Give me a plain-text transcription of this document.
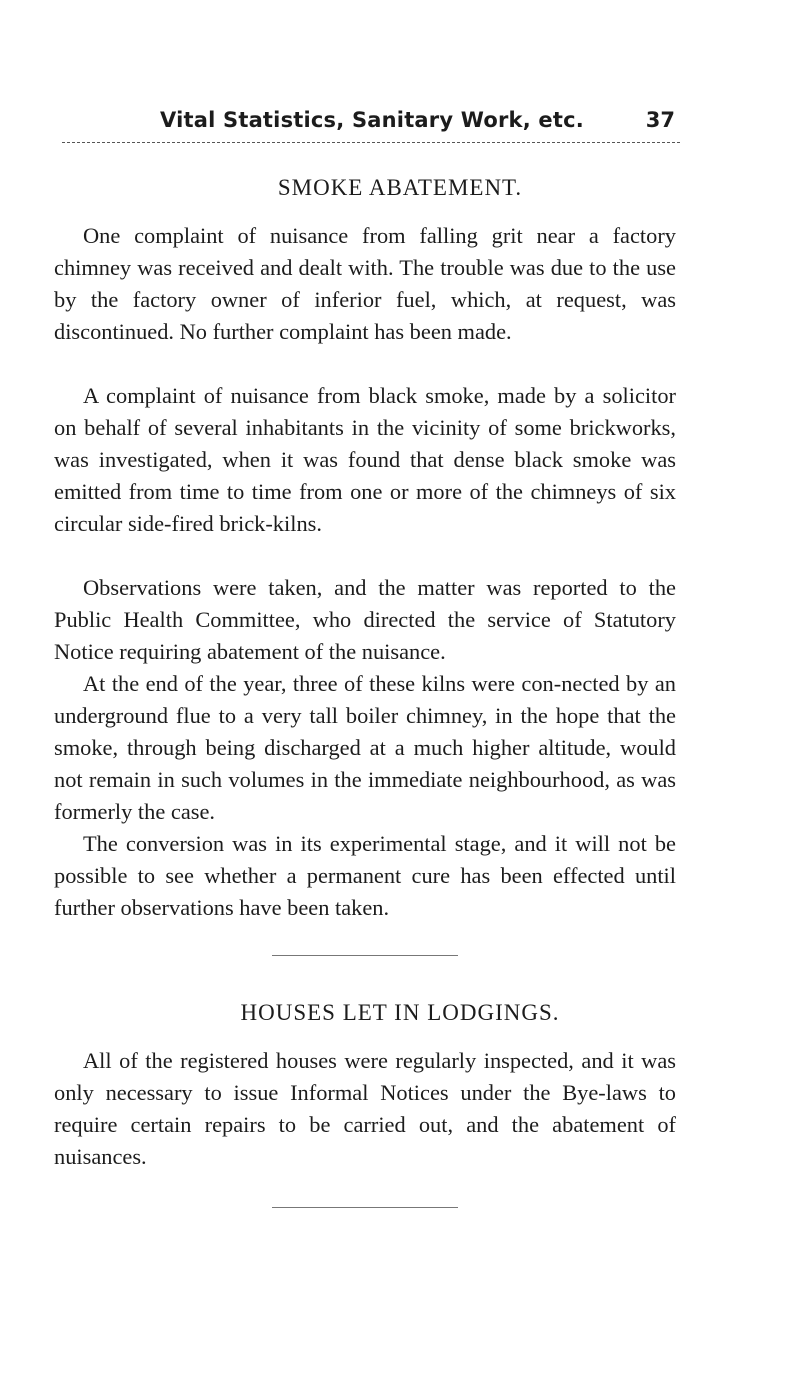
Vital Statistics, Sanitary Work, etc.	37
SMOKE ABATEMENT.

One complaint of nuisance from falling grit near a factory chimney was received and dealt with. The trouble was due to the use by the factory owner of inferior fuel, which, at request, was discontinued. No further complaint has been made.

A complaint of nuisance from black smoke, made by a solicitor on behalf of several inhabitants in the vicinity of some brickworks, was investigated, when it was found that dense black smoke was emitted from time to time from one or more of the chimneys of six circular side-fired brick-kilns.

Observations were taken, and the matter was reported to the Public Health Committee, who directed the service of Statutory Notice requiring abatement of the nuisance.

At the end of the year, three of these kilns were con-nected by an underground flue to a very tall boiler chimney, in the hope that the smoke, through being discharged at a much higher altitude, would not remain in such volumes in the immediate neighbourhood, as was formerly the case.

The conversion was in its experimental stage, and it will not be possible to see whether a permanent cure has been effected until further observations have been taken.

HOUSES LET IN LODGINGS.

All of the registered houses were regularly inspected, and it was only necessary to issue Informal Notices under the Bye-laws to require certain repairs to be carried out, and the abatement of nuisances.
